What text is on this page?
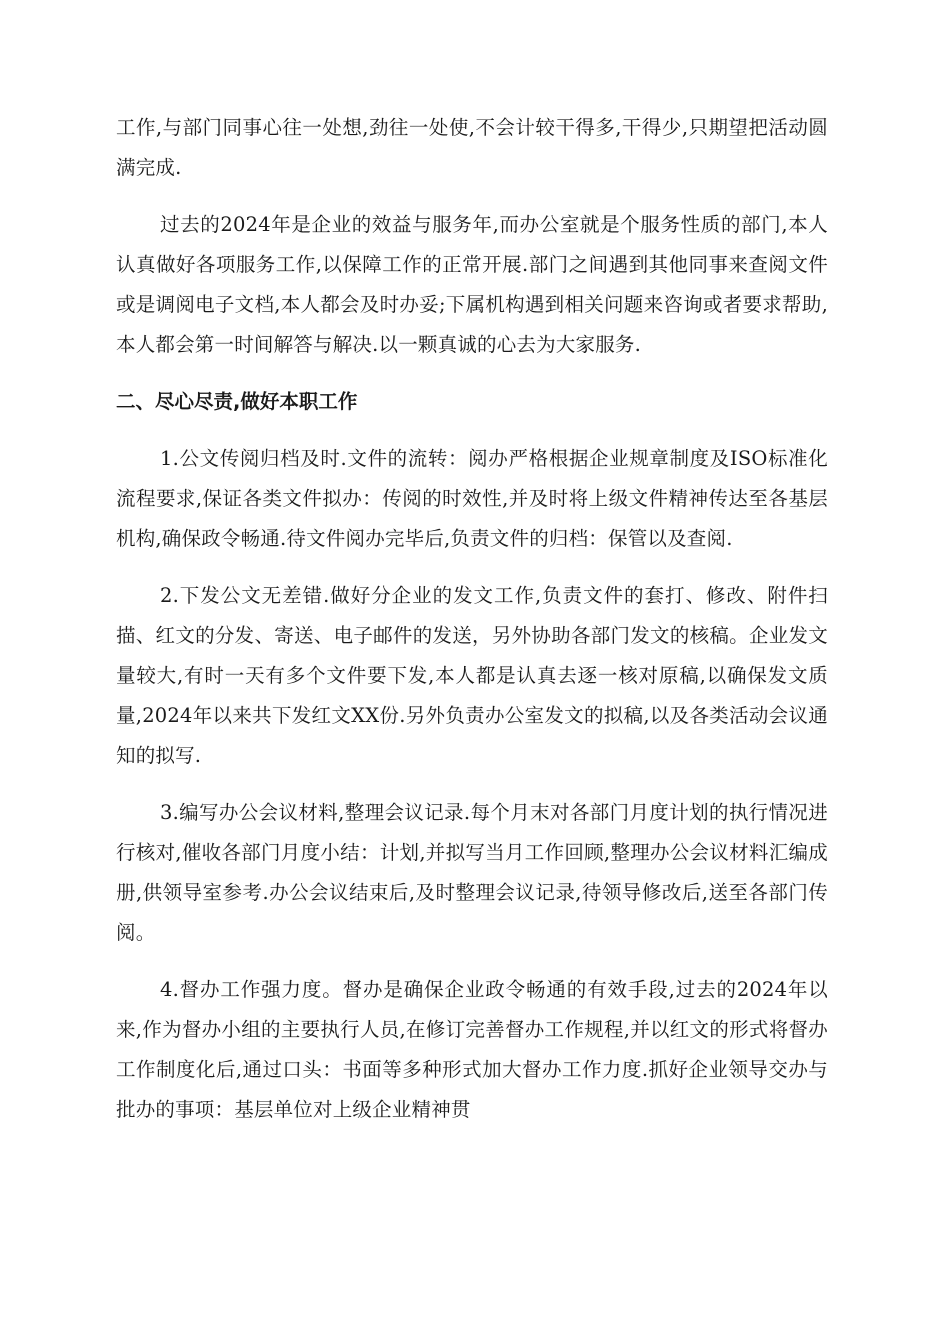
工作,与部门同事心往一处想,劲往一处使,不会计较干得多,干得少,只期望把活动圆满完成.

过去的2024年是企业的效益与服务年,而办公室就是个服务性质的部门,本人认真做好各项服务工作,以保障工作的正常开展.部门之间遇到其他同事来查阅文件或是调阅电子文档,本人都会及时办妥;下属机构遇到相关问题来咨询或者要求帮助,本人都会第一时间解答与解决.以一颗真诚的心去为大家服务.

二、尽心尽责,做好本职工作

1.公文传阅归档及时.文件的流转：阅办严格根据企业规章制度及ISO标准化流程要求,保证各类文件拟办：传阅的时效性,并及时将上级文件精神传达至各基层机构,确保政令畅通.待文件阅办完毕后,负责文件的归档：保管以及查阅.

2.下发公文无差错.做好分企业的发文工作,负责文件的套打、修改、附件扫描、红文的分发、寄送、电子邮件的发送，另外协助各部门发文的核稿。企业发文量较大,有时一天有多个文件要下发,本人都是认真去逐一核对原稿,以确保发文质量,2024年以来共下发红文XX份.另外负责办公室发文的拟稿,以及各类活动会议通知的拟写.

3.编写办公会议材料,整理会议记录.每个月末对各部门月度计划的执行情况进行核对,催收各部门月度小结：计划,并拟写当月工作回顾,整理办公会议材料汇编成册,供领导室参考.办公会议结束后,及时整理会议记录,待领导修改后,送至各部门传阅。

4.督办工作强力度。督办是确保企业政令畅通的有效手段,过去的2024年以来,作为督办小组的主要执行人员,在修订完善督办工作规程,并以红文的形式将督办工作制度化后,通过口头：书面等多种形式加大督办工作力度.抓好企业领导交办与批办的事项：基层单位对上级企业精神贯
